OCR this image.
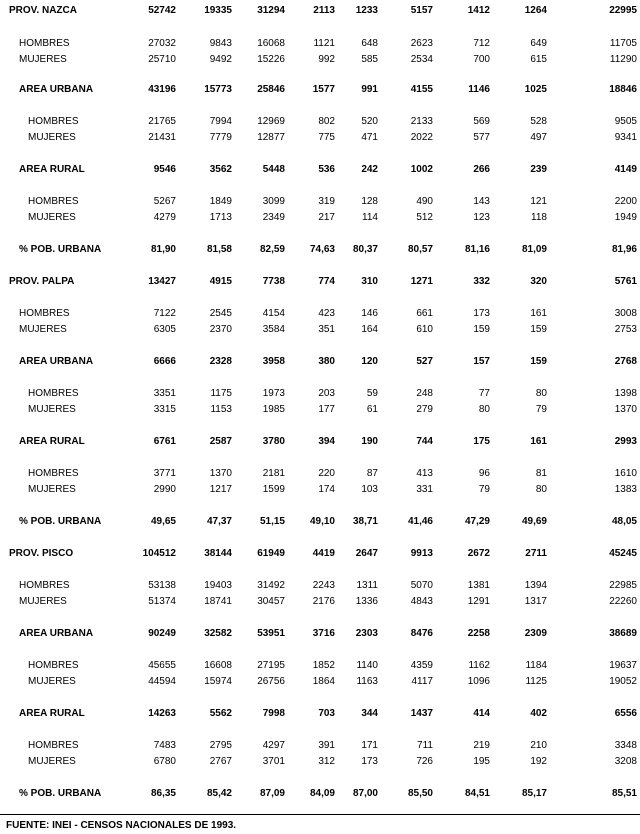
PROV. NAZCA	52742	19335	31294	2113	1233	5157	1412	1264	22995
HOMBRES	27032	9843	16068	1121	648	2623	712	649	11705
MUJERES	25710	9492	15226	992	585	2534	700	615	11290
AREA URBANA	43196	15773	25846	1577	991	4155	1146	1025	18846
HOMBRES	21765	7994	12969	802	520	2133	569	528	9505
MUJERES	21431	7779	12877	775	471	2022	577	497	9341
AREA RURAL	9546	3562	5448	536	242	1002	266	239	4149
HOMBRES	5267	1849	3099	319	128	490	143	121	2200
MUJERES	4279	1713	2349	217	114	512	123	118	1949
% POB. URBANA	81,90	81,58	82,59	74,63	80,37	80,57	81,16	81,09	81,96
PROV. PALPA	13427	4915	7738	774	310	1271	332	320	5761
HOMBRES	7122	2545	4154	423	146	661	173	161	3008
MUJERES	6305	2370	3584	351	164	610	159	159	2753
AREA URBANA	6666	2328	3958	380	120	527	157	159	2768
HOMBRES	3351	1175	1973	203	59	248	77	80	1398
MUJERES	3315	1153	1985	177	61	279	80	79	1370
AREA RURAL	6761	2587	3780	394	190	744	175	161	2993
HOMBRES	3771	1370	2181	220	87	413	96	81	1610
MUJERES	2990	1217	1599	174	103	331	79	80	1383
% POB. URBANA	49,65	47,37	51,15	49,10	38,71	41,46	47,29	49,69	48,05
PROV. PISCO	104512	38144	61949	4419	2647	9913	2672	2711	45245
HOMBRES	53138	19403	31492	2243	1311	5070	1381	1394	22985
MUJERES	51374	18741	30457	2176	1336	4843	1291	1317	22260
AREA URBANA	90249	32582	53951	3716	2303	8476	2258	2309	38689
HOMBRES	45655	16608	27195	1852	1140	4359	1162	1184	19637
MUJERES	44594	15974	26756	1864	1163	4117	1096	1125	19052
AREA RURAL	14263	5562	7998	703	344	1437	414	402	6556
HOMBRES	7483	2795	4297	391	171	711	219	210	3348
MUJERES	6780	2767	3701	312	173	726	195	192	3208
% POB. URBANA	86,35	85,42	87,09	84,09	87,00	85,50	84,51	85,17	85,51
FUENTE: INEI - CENSOS NACIONALES DE 1993.
